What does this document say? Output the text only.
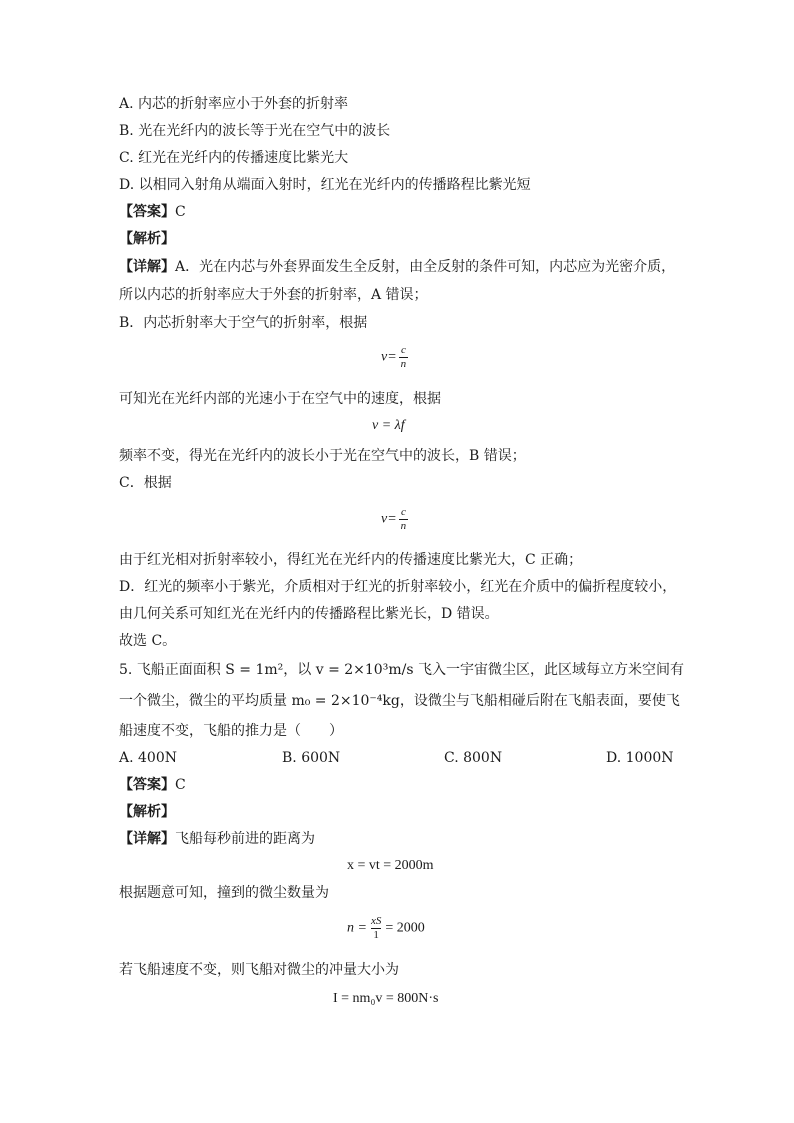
A. 内芯的折射率应小于外套的折射率
B. 光在光纤内的波长等于光在空气中的波长
C. 红光在光纤内的传播速度比紫光大
D. 以相同入射角从端面入射时，红光在光纤内的传播路程比紫光短
【答案】C
【解析】
【详解】A．光在内芯与外套界面发生全反射，由全反射的条件可知，内芯应为光密介质，
所以内芯的折射率应大于外套的折射率，A 错误；
B．内芯折射率大于空气的折射率，根据
$v= \frac{c}{n}$
可知光在光纤内部的光速小于在空气中的速度，根据
v = λf
频率不变，得光在光纤内的波长小于光在空气中的波长，B 错误；
C．根据
$v= \frac{c}{n}$
由于红光相对折射率较小，得红光在光纤内的传播速度比紫光大，C 正确；
D．红光的频率小于紫光，介质相对于红光的折射率较小，红光在介质中的偏折程度较小，
由几何关系可知红光在光纤内的传播路程比紫光长，D 错误。
故选 C。
5. 飞船正面面积 S = 1m²，以 v = 2×10³m/s 飞入一宇宙微尘区，此区域每立方米空间有
一个微尘，微尘的平均质量 m₀ = 2×10⁻⁴kg，设微尘与飞船相碰后附在飞船表面，要使飞
船速度不变，飞船的推力是（　　）
A. 400N	B. 600N	C. 800N	D. 1000N
【答案】C
【解析】
【详解】飞船每秒前进的距离为
x = vt = 2000m
根据题意可知，撞到的微尘数量为
$n = \frac{xS}{1} = 2000$
若飞船速度不变，则飞船对微尘的冲量大小为
I = nm₀v = 800N·s
